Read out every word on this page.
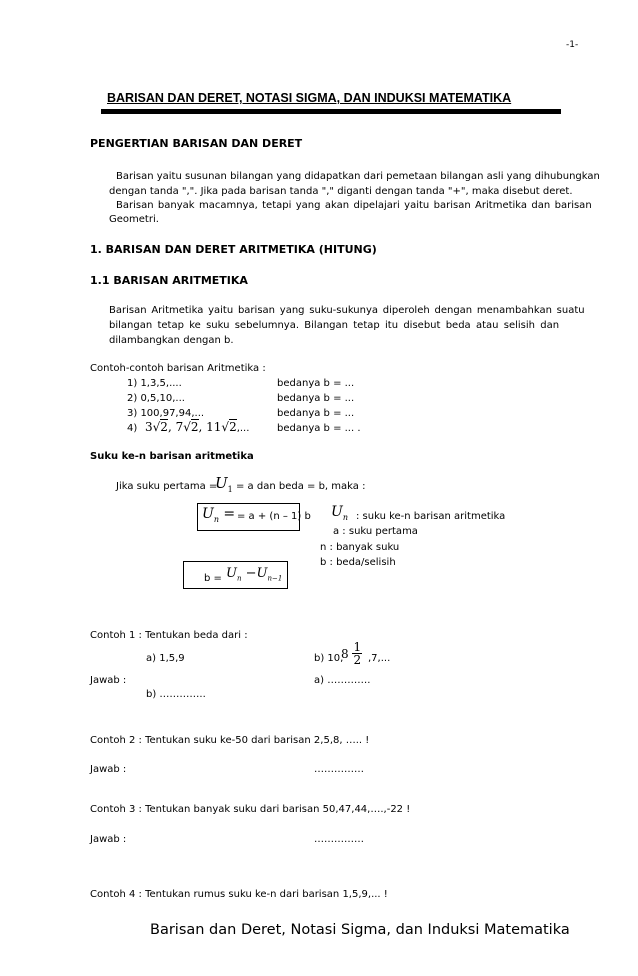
-1-
BARISAN DAN DERET, NOTASI SIGMA, DAN INDUKSI MATEMATIKA
PENGERTIAN BARISAN DAN DERET
Barisan yaitu susunan bilangan yang didapatkan dari pemetaan bilangan asli yang dihubungkan
dengan tanda ",". Jika pada barisan tanda "," diganti dengan tanda "+", maka disebut deret.
Barisan banyak macamnya, tetapi yang akan dipelajari yaitu barisan Aritmetika dan barisan
Geometri.
1. BARISAN DAN DERET ARITMETIKA (HITUNG)
1.1 BARISAN ARITMETIKA
Barisan Aritmetika yaitu barisan yang suku-sukunya diperoleh dengan menambahkan suatu
bilangan tetap ke suku sebelumnya. Bilangan tetap itu disebut beda atau selisih dan
dilambangkan dengan b.
Contoh-contoh barisan Aritmetika :
1) 1,3,5,....	bedanya b = ...
2) 0,5,10,...	bedanya b = ...
3) 100,97,94,...	bedanya b = ...
4) 3√2, 7√2, 11√2,...	bedanya b = ... .
Suku ke-n barisan aritmetika
Jika suku pertama =
$U_1 = a$ dan beda = b, maka :
$U_n$ = = a + (n – 1) b $U_n$ : suku ke-n barisan aritmetika
a : suku pertama
n : banyak suku
b : beda/selisih
$b = U_n -U_{n-1}$
Contoh 1 : Tentukan beda dari :
a) 1,5,9	b) 10,
$8 \frac{1}{2} ,7$,...
Jawab :	a) ………….
b) …………..
Contoh 2 : Tentukan suku ke-50 dari barisan 2,5,8, ….. !
Jawab :	……………
Contoh 3 : Tentukan banyak suku dari barisan 50,47,44,….,-22 !
Jawab :	……………
Contoh 4 : Tentukan rumus suku ke-n dari barisan 1,5,9,... !
Barisan dan Deret, Notasi Sigma, dan Induksi Matematika
